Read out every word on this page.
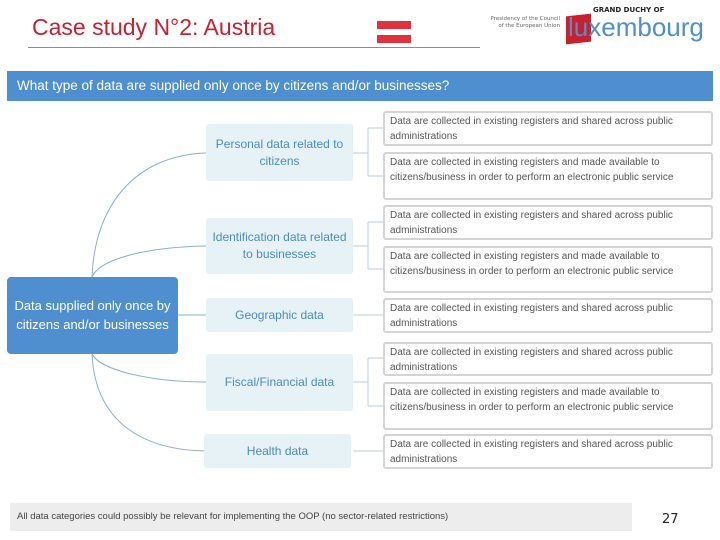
Case study N°2: Austria
GRAND DUCHY OF
Presidency of the Council of the European Union luxembourg
What type of data are supplied only once by citizens and/or businesses?
Data supplied only once by citizens and/or businesses
Personal data related to citizens
Identification data related to businesses
Geographic data
Fiscal/Financial data
Health data
Data are collected in existing registers and shared across public administrations
Data are collected in existing registers and made available to citizens/business in order to perform an electronic public service
Data are collected in existing registers and shared across public administrations
Data are collected in existing registers and made available to citizens/business in order to perform an electronic public service
Data are collected in existing registers and shared across public administrations
Data are collected in existing registers and shared across public administrations
Data are collected in existing registers and made available to citizens/business in order to perform an electronic public service
Data are collected in existing registers and shared across public administrations
All data categories could possibly be relevant for implementing the OOP (no sector-related restrictions)	27
